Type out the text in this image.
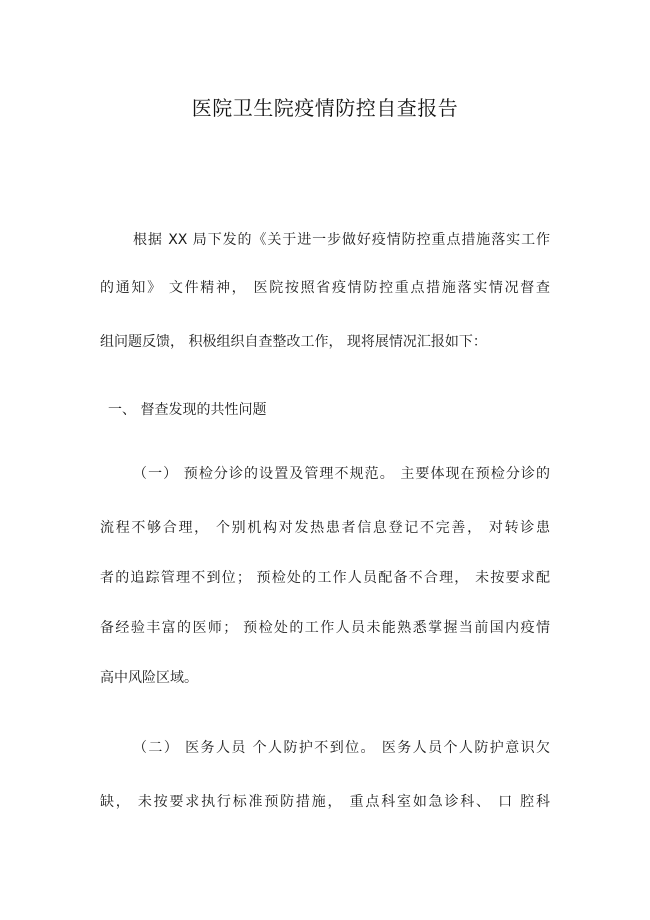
医院卫生院疫情防控自查报告
根据 XX 局下发的《关于进一步做好疫情防控重点措施落实工作
的通知》 文件精神， 医院按照省疫情防控重点措施落实情况督查
组问题反馈， 积极组织自查整改工作， 现将展情况汇报如下：
一、 督查发现的共性问题
（一） 预检分诊的设置及管理不规范。 主要体现在预检分诊的
流程不够合理， 个别机构对发热患者信息登记不完善， 对转诊患
者的追踪管理不到位； 预检处的工作人员配备不合理， 未按要求配
备经验丰富的医师； 预检处的工作人员未能熟悉掌握当前国内疫情
高中风险区域。
（二） 医务人员 个人防护不到位。 医务人员个人防护意识欠
缺， 未按要求执行标准预防措施， 重点科室如急诊科、 口 腔科
